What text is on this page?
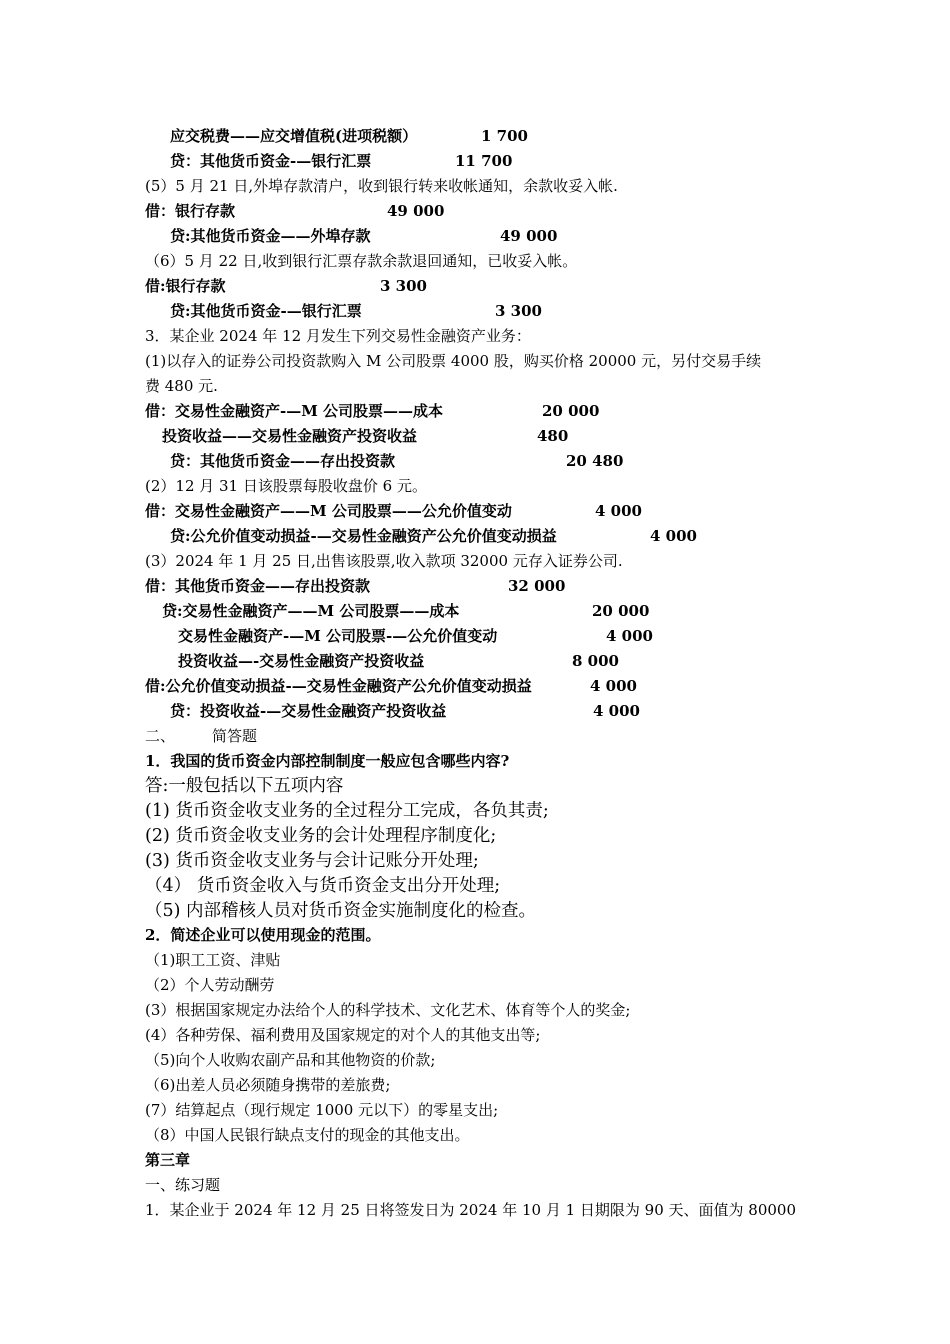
应交税费——应交增值税(进项税额）	1 700
贷：其他货币资金-—银行汇票	11 700
(5）5 月 21 日,外埠存款清户，收到银行转来收帐通知，余款收妥入帐.
借：银行存款	49 000
贷:其他货币资金——外埠存款	49 000
（6）5 月 22 日,收到银行汇票存款余款退回通知，已收妥入帐。
借:银行存款	3 300
贷:其他货币资金-—银行汇票	3 300
3．某企业 2024 年 12 月发生下列交易性金融资产业务：
(1)以存入的证券公司投资款购入 M 公司股票 4000 股，购买价格 20000 元，另付交易手续
费 480 元.
借：交易性金融资产-—M 公司股票——成本	20 000
投资收益——交易性金融资产投资收益	480
贷：其他货币资金——存出投资款	20 480
(2）12 月 31 日该股票每股收盘价 6 元。
借：交易性金融资产——M 公司股票——公允价值变动	4 000
贷:公允价值变动损益-—交易性金融资产公允价值变动损益	4 000
(3）2024 年 1 月 25 日,出售该股票,收入款项 32000 元存入证券公司.
借：其他货币资金——存出投资款	32 000
贷:交易性金融资产——M 公司股票——成本	20 000
交易性金融资产-—M 公司股票-—公允价值变动	4 000
投资收益—-交易性金融资产投资收益	8 000
借:公允价值变动损益-—交易性金融资产公允价值变动损益	4 000
贷：投资收益-—交易性金融资产投资收益	4 000
二、 简答题
1．我国的货币资金内部控制制度一般应包含哪些内容?
答:一般包括以下五项内容
(1) 货币资金收支业务的全过程分工完成，各负其责;
(2) 货币资金收支业务的会计处理程序制度化;
(3) 货币资金收支业务与会计记账分开处理;
（4） 货币资金收入与货币资金支出分开处理;
（5) 内部稽核人员对货币资金实施制度化的检查。
2．简述企业可以使用现金的范围。
（1)职工工资、津贴
（2）个人劳动酬劳
(3）根据国家规定办法给个人的科学技术、文化艺术、体育等个人的奖金;
(4）各种劳保、福利费用及国家规定的对个人的其他支出等;
（5)向个人收购农副产品和其他物资的价款;
（6)出差人员必须随身携带的差旅费;
(7）结算起点（现行规定 1000 元以下）的零星支出;
（8）中国人民银行缺点支付的现金的其他支出。
第三章
一、练习题
1．某企业于 2024 年 12 月 25 日将签发日为 2024 年 10 月 1 日期限为 90 天、面值为 80000
